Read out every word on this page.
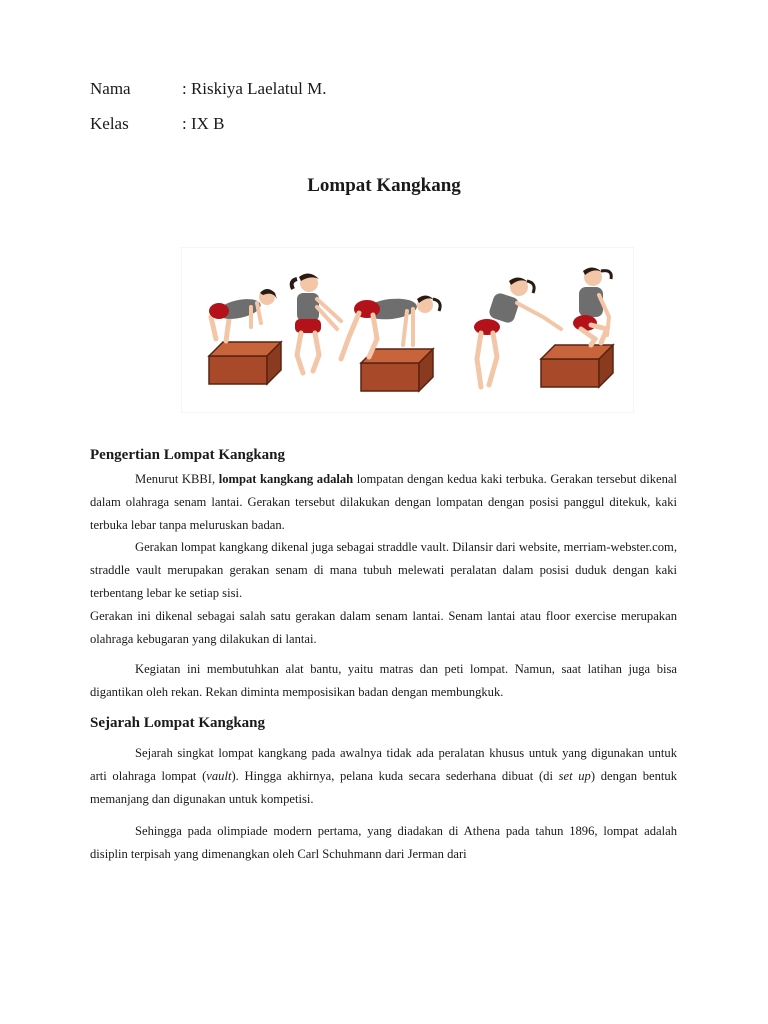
Nama	: Riskiya Laelatul M.
Kelas	: IX B
Lompat Kangkang
Pengertian Lompat Kangkang

Menurut KBBI, lompat kangkang adalah lompatan dengan kedua kaki terbuka. Gerakan tersebut dikenal dalam olahraga senam lantai. Gerakan tersebut dilakukan dengan lompatan dengan posisi panggul ditekuk, kaki terbuka lebar tanpa meluruskan badan.

Gerakan lompat kangkang dikenal juga sebagai straddle vault. Dilansir dari website, merriam-webster.com, straddle vault merupakan gerakan senam di mana tubuh melewati peralatan dalam posisi duduk dengan kaki terbentang lebar ke setiap sisi.

Gerakan ini dikenal sebagai salah satu gerakan dalam senam lantai. Senam lantai atau floor exercise merupakan olahraga kebugaran yang dilakukan di lantai.

Kegiatan ini membutuhkan alat bantu, yaitu matras dan peti lompat. Namun, saat latihan juga bisa digantikan oleh rekan. Rekan diminta memposisikan badan dengan membungkuk.

Sejarah Lompat Kangkang

Sejarah singkat lompat kangkang pada awalnya tidak ada peralatan khusus untuk yang digunakan untuk arti olahraga lompat (vault). Hingga akhirnya, pelana kuda secara sederhana dibuat (di set up) dengan bentuk memanjang dan digunakan untuk kompetisi.

Sehingga pada olimpiade modern pertama, yang diadakan di Athena pada tahun 1896, lompat adalah disiplin terpisah yang dimenangkan oleh Carl Schuhmann dari Jerman dari
